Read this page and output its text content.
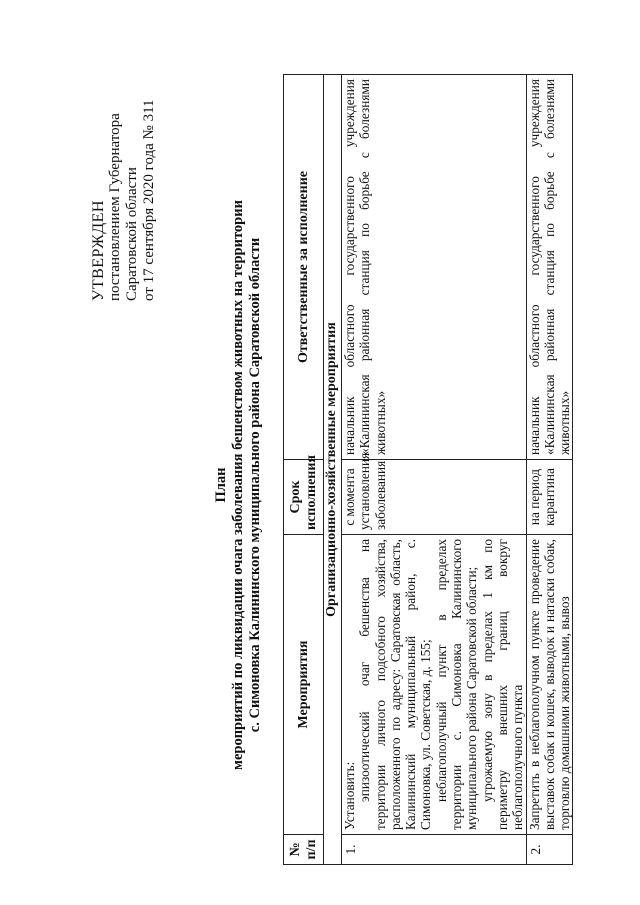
УТВЕРЖДЕН постановлением Губернатора Саратовской области от 17 сентября 2020 года № 311
План мероприятий по ликвидации очага заболевания бешенством животных на территории с. Симоновка Калининского муниципального района Саратовской области
№ п/п	Мероприятия	Срок исполнения	Ответственные за исполнение
Организационно-хозяйственные мероприятия			
1.	Установить: эпизоотический очаг бешенства на территории личного подсобного хозяйства, расположенного по адресу: Саратовская область, Калининский муниципальный район, с. Симоновка, ул. Советская, д. 155; неблагополучный пункт в пределах территории с. Симоновка Калининского муниципального района Саратовской области; угрожаемую зону в пределах 1 км по периметру внешних границ вокруг неблагополучного пункта	с момента установления заболевания	начальник областного государственного учреждения «Калининская районная станция по борьбе с болезнями животных»
2.	Запретить в неблагополучном пункте проведение выставок собак и кошек, выводок и натаски собак, торговлю домашними животными, вывоз	на период карантина	начальник областного государственного учреждения «Калининская районная станция по борьбе с болезнями животных»
